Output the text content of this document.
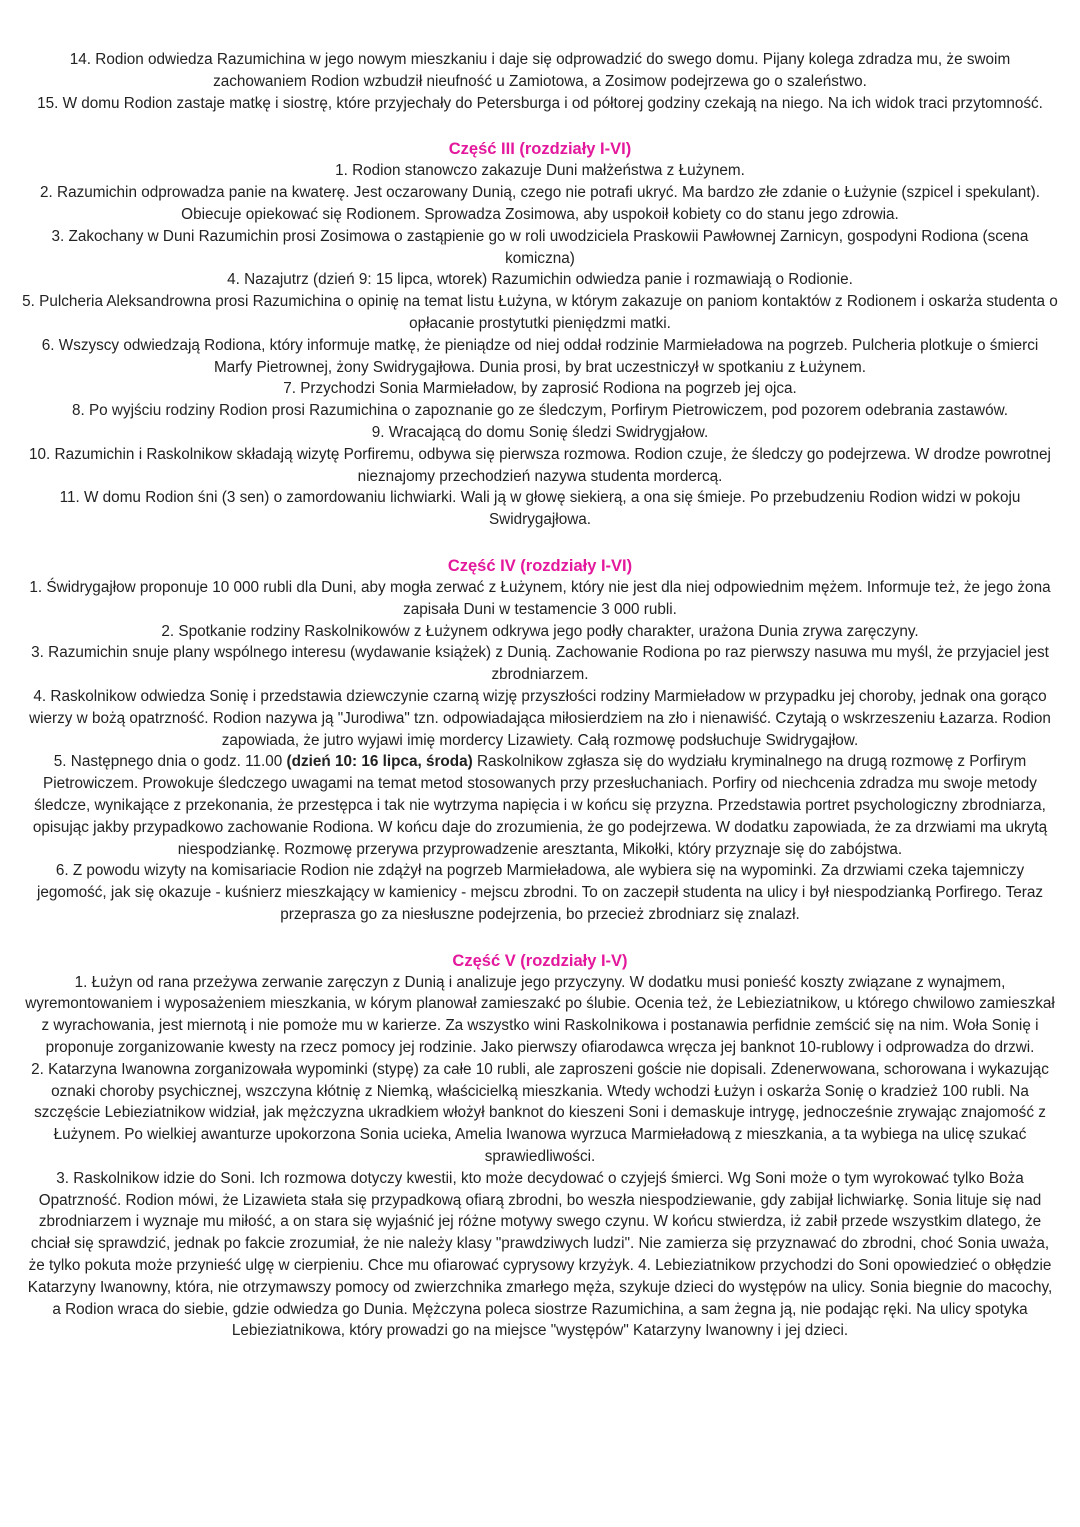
14. Rodion odwiedza Razumichina w jego nowym mieszkaniu i daje się odprowadzić do swego domu. Pijany kolega zdradza mu, że swoim zachowaniem Rodion wzbudził nieufność u Zamiotowa, a Zosimow podejrzewa go o szaleństwo.

15. W domu Rodion zastaje matkę i siostrę, które przyjechały do Petersburga i od półtorej godziny czekają na niego. Na ich widok traci przytomność.

Część III (rozdziały I-VI)

1. Rodion stanowczo zakazuje Duni małżeństwa z Łużynem.

2. Razumichin odprowadza panie na kwaterę. Jest oczarowany Dunią, czego nie potrafi ukryć. Ma bardzo złe zdanie o Łużynie (szpicel i spekulant). Obiecuje opiekować się Rodionem. Sprowadza Zosimowa, aby uspokoił kobiety co do stanu jego zdrowia.

3. Zakochany w Duni Razumichin prosi Zosimowa o zastąpienie go w roli uwodziciela Praskowii Pawłownej Zarnicyn, gospodyni Rodiona (scena komiczna)

4. Nazajutrz (dzień 9: 15 lipca, wtorek) Razumichin odwiedza panie i rozmawiają o Rodionie.

5. Pulcheria Aleksandrowna prosi Razumichina o opinię na temat listu Łużyna, w którym zakazuje on paniom kontaktów z Rodionem i oskarża studenta o opłacanie prostytutki pieniędzmi matki.

6. Wszyscy odwiedzają Rodiona, który informuje matkę, że pieniądze od niej oddał rodzinie Marmieładowa na pogrzeb. Pulcheria plotkuje o śmierci Marfy Pietrownej, żony Swidrygajłowa. Dunia prosi, by brat uczestniczył w spotkaniu z Łużynem.

7. Przychodzi Sonia Marmieładow, by zaprosić Rodiona na pogrzeb jej ojca.

8. Po wyjściu rodziny Rodion prosi Razumichina o zapoznanie go ze śledczym, Porfirym Pietrowiczem, pod pozorem odebrania zastawów.

9. Wracającą do domu Sonię śledzi Swidrygjałow.

10. Razumichin i Raskolnikow składają wizytę Porfiremu, odbywa się pierwsza rozmowa. Rodion czuje, że śledczy go podejrzewa. W drodze powrotnej nieznajomy przechodzień nazywa studenta mordercą.

11. W domu Rodion śni (3 sen) o zamordowaniu lichwiarki. Wali ją w głowę siekierą, a ona się śmieje. Po przebudzeniu Rodion widzi w pokoju Swidrygajłowa.

Część IV (rozdziały I-VI)

1. Świdrygajłow proponuje 10 000 rubli dla Duni, aby mogła zerwać z Łużynem, który nie jest dla niej odpowiednim mężem. Informuje też, że jego żona zapisała Duni w testamencie 3 000 rubli.

2. Spotkanie rodziny Raskolnikowów z Łużynem odkrywa jego podły charakter, urażona Dunia zrywa zaręczyny.

3. Razumichin snuje plany wspólnego interesu (wydawanie książek) z Dunią. Zachowanie Rodiona po raz pierwszy nasuwa mu myśl, że przyjaciel jest zbrodniarzem.

4. Raskolnikow odwiedza Sonię i przedstawia dziewczynie czarną wizję przyszłości rodziny Marmieładow w przypadku jej choroby, jednak ona gorąco wierzy w bożą opatrzność. Rodion nazywa ją "Jurodiwa" tzn. odpowiadająca miłosierdziem na zło i nienawiść. Czytają o wskrzeszeniu Łazarza. Rodion zapowiada, że jutro wyjawi imię mordercy Lizawiety. Całą rozmowę podsłuchuje Swidrygajłow.

5. Następnego dnia o godz. 11.00 (dzień 10: 16 lipca, środa) Raskolnikow zgłasza się do wydziału kryminalnego na drugą rozmowę z Porfirym Pietrowiczem. Prowokuje śledczego uwagami na temat metod stosowanych przy przesłuchaniach. Porfiry od niechcenia zdradza mu swoje metody śledcze, wynikające z przekonania, że przestępca i tak nie wytrzyma napięcia i w końcu się przyzna. Przedstawia portret psychologiczny zbrodniarza, opisując jakby przypadkowo zachowanie Rodiona. W końcu daje do zrozumienia, że go podejrzewa. W dodatku zapowiada, że za drzwiami ma ukrytą niespodziankę. Rozmowę przerywa przyprowadzenie aresztanta, Mikołki, który przyznaje się do zabójstwa.

6. Z powodu wizyty na komisariacie Rodion nie zdążył na pogrzeb Marmieładowa, ale wybiera się na wypominki. Za drzwiami czeka tajemniczy jegomość, jak się okazuje - kuśnierz mieszkający w kamienicy - mejscu zbrodni. To on zaczepił studenta na ulicy i był niespodzianką Porfirego. Teraz przeprasza go za niesłuszne podejrzenia, bo przecież zbrodniarz się znalazł.

Część V (rozdziały I-V)

1. Łużyn od rana przeżywa zerwanie zaręczyn z Dunią i analizuje jego przyczyny. W dodatku musi ponieść koszty związane z wynajmem, wyremontowaniem i wyposażeniem mieszkania, w kórym planował zamieszakć po ślubie. Ocenia też, że Lebieziatnikow, u którego chwilowo zamieszkał z wyrachowania, jest miernotą i nie pomoże mu w karierze. Za wszystko wini Raskolnikowa i postanawia perfidnie zemścić się na nim. Woła Sonię i proponuje zorganizowanie kwesty na rzecz pomocy jej rodzinie. Jako pierwszy ofiarodawca wręcza jej banknot 10-rublowy i odprowadza do drzwi.

2. Katarzyna Iwanowna zorganizowała wypominki (stypę) za całe 10 rubli, ale zaproszeni goście nie dopisali. Zdenerwowana, schorowana i wykazując oznaki choroby psychicznej, wszczyna kłótnię z Niemką, właścicielką mieszkania. Wtedy wchodzi Łużyn i oskarża Sonię o kradzież 100 rubli. Na szczęście Lebieziatnikow widział, jak mężczyzna ukradkiem włożył banknot do kieszeni Soni i demaskuje intrygę, jednocześnie zrywając znajomość z Łużynem. Po wielkiej awanturze upokorzona Sonia ucieka, Amelia Iwanowa wyrzuca Marmieładową z mieszkania, a ta wybiega na ulicę szukać sprawiedliwości.

3. Raskolnikow idzie do Soni. Ich rozmowa dotyczy kwestii, kto może decydować o czyjejś śmierci. Wg Soni może o tym wyrokować tylko Boża Opatrzność. Rodion mówi, że Lizawieta stała się przypadkową ofiarą zbrodni, bo weszła niespodziewanie, gdy zabijał lichwiarkę. Sonia lituje się nad zbrodniarzem i wyznaje mu miłość, a on stara się wyjaśnić jej różne motywy swego czynu. W końcu stwierdza, iż zabił przede wszystkim dlatego, że chciał się sprawdzić, jednak po fakcie zrozumiał, że nie należy klasy "prawdziwych ludzi". Nie zamierza się przyznawać do zbrodni, choć Sonia uważa, że tylko pokuta może przynieść ulgę w cierpieniu. Chce mu ofiarować cyprysowy krzyżyk. 4. Lebieziatnikow przychodzi do Soni opowiedzieć o obłędzie Katarzyny Iwanowny, która, nie otrzymawszy pomocy od zwierzchnika zmarłego męża, szykuje dzieci do występów na ulicy. Sonia biegnie do macochy, a Rodion wraca do siebie, gdzie odwiedza go Dunia. Mężczyna poleca siostrze Razumichina, a sam żegna ją, nie podając ręki. Na ulicy spotyka Lebieziatnikowa, który prowadzi go na miejsce "występów" Katarzyny Iwanowny i jej dzieci.
